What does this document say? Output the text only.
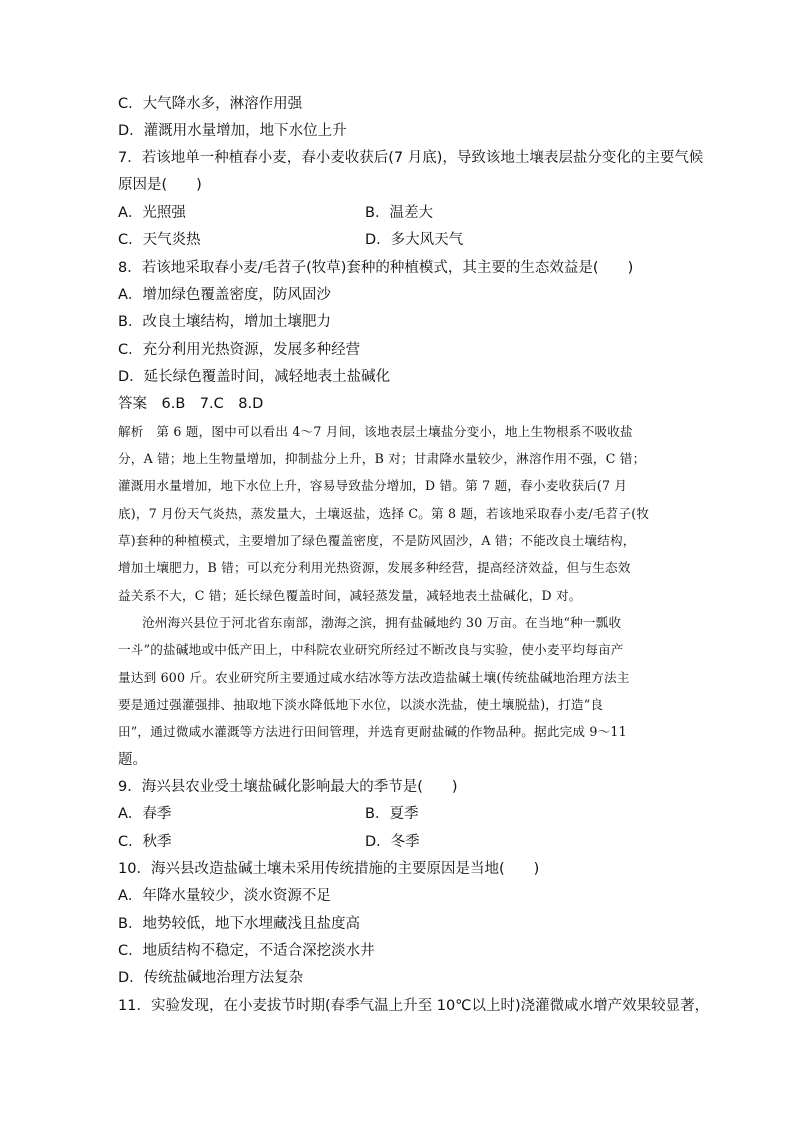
C．大气降水多，淋溶作用强
D．灌溉用水量增加，地下水位上升
7．若该地单一种植春小麦，春小麦收获后(7 月底)，导致该地土壤表层盐分变化的主要气候
原因是(　　)
A．光照强	B．温差大
C．天气炎热	D．多大风天气
8．若该地采取春小麦/毛苕子(牧草)套种的种植模式，其主要的生态效益是(　　)
A．增加绿色覆盖密度，防风固沙
B．改良土壤结构，增加土壤肥力
C．充分利用光热资源，发展多种经营
D．延长绿色覆盖时间，减轻地表土盐碱化
答案　6.B　7.C　8.D
解析　第 6 题，图中可以看出 4～7 月间，该地表层土壤盐分变小，地上生物根系不吸收盐
分，A 错；地上生物量增加，抑制盐分上升，B 对；甘肃降水量较少，淋溶作用不强，C 错；
灌溉用水量增加，地下水位上升，容易导致盐分增加，D 错。第 7 题，春小麦收获后(7 月
底)，7 月份天气炎热，蒸发量大，土壤返盐，选择 C。第 8 题，若该地采取春小麦/毛苕子(牧
草)套种的种植模式，主要增加了绿色覆盖密度，不是防风固沙，A 错；不能改良土壤结构，
增加土壤肥力，B 错；可以充分利用光热资源，发展多种经营，提高经济效益，但与生态效
益关系不大，C 错；延长绿色覆盖时间，减轻蒸发量，减轻地表土盐碱化，D 对。
沧州海兴县位于河北省东南部，渤海之滨，拥有盐碱地约 30 万亩。在当地“种一瓢收
一斗”的盐碱地或中低产田上，中科院农业研究所经过不断改良与实验，使小麦平均每亩产
量达到 600 斤。农业研究所主要通过咸水结冰等方法改造盐碱土壤(传统盐碱地治理方法主
要是通过强灌强排、抽取地下淡水降低地下水位，以淡水洗盐，使土壤脱盐)，打造“良
田”，通过微咸水灌溉等方法进行田间管理，并选育更耐盐碱的作物品种。据此完成 9～11
题。
9．海兴县农业受土壤盐碱化影响最大的季节是(　　)
A．春季	B．夏季
C．秋季	D．冬季
10．海兴县改造盐碱土壤未采用传统措施的主要原因是当地(　　)
A．年降水量较少，淡水资源不足
B．地势较低，地下水埋藏浅且盐度高
C．地质结构不稳定，不适合深挖淡水井
D．传统盐碱地治理方法复杂
11．实验发现，在小麦拔节时期(春季气温上升至 10℃以上时)浇灌微咸水增产效果较显著，
